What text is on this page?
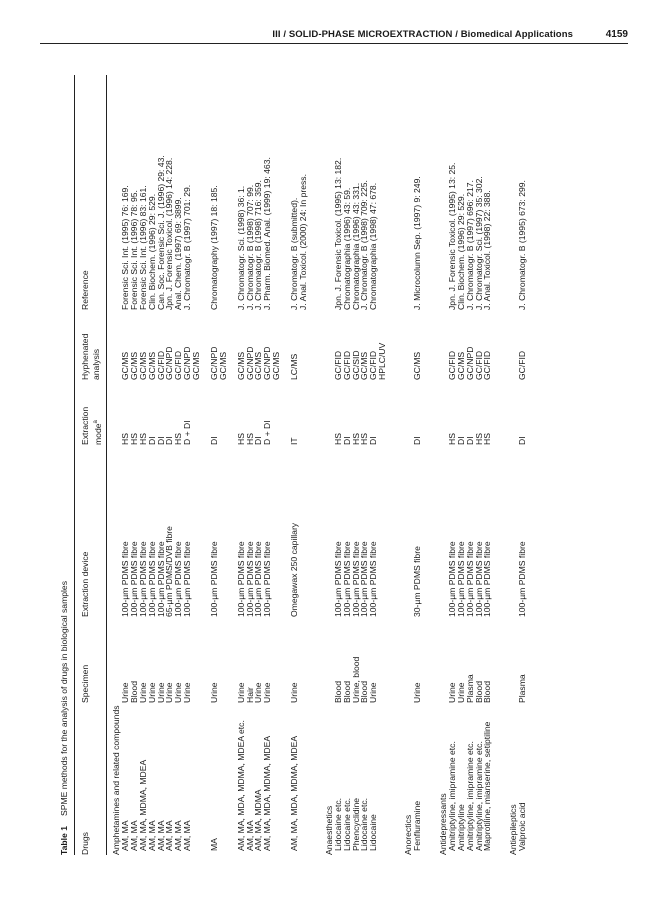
III / SOLID-PHASE MICROEXTRACTION / Biomedical Applications	4159
Table 1SPME methods for the analysis of drugs in biological samples
Drugs
Specimen
Extraction device
Extraction mode$^a$
Hyphenated
analysis
Reference
Amphetamines and related compounds
AM, MA
Urine
100-µm PDMS fibre
HS
GC/MS
Forensic Sci. Int. (1995) 76: 169.
AM, MA
Blood
100-µm PDMS fibre
HS
GC/MS
Forensic Sci. Int. (1996) 78: 95.
AM, MA, MDMA, MDEA
Urine
100-µm PDMS fibre
HS
GC/MS
Forensic Sci. Int. (1996) 83: 161.
AM, MA
Urine
100-µm PDMS fibre
DI
GC/MS
Clin. Biochem. (1996) 29: 529.
AM, MA
Urine
100-µm PDMS fibre
DI
GC/FID
Can. Soc. Forensic Sci. J. (1996) 29: 43.
AM, MA
Urine
65-µm PDMS/DVB fibre
DI
GC/NPD
Jpn. J. Forensic Toxicol. (1996) 14: 228.
AM, MA
Urine
100-µm PDMS fibre
HS
GC/FID
Anal. Chem. (1997) 69: 3899.
AM, MA
Urine
100-µm PDMS fibre
D + DI
GC/NPD
J. Chromatogr. B (1997) 701: 29.
GC/MS
MA
Urine
100-µm PDMS fibre
DI
GC/NPD
Chromatography (1997) 18: 185.
GC/MS
AM, MA, MDA, MDMA, MDEA etc.
Urine
100-µm PDMS fibre
HS
GC/MS
J. Chromatogr. Sci. (1998) 36: 1.
AM, MA
Hair
100-µm PDMS fibre
HS
GC/NPD
J. Chromatogr. B (1998) 707: 99.
AM, MA, MDMA
Urine
100-µm PDMS fibre
DI
GC/MS
J. Chromatogr. B (1998) 716: 359.
AM, MA, MDA, MDMA, MDEA
Urine
100-µm PDMS fibre
D + DI
GC/NPD
J. Pharm. Biomed. Anal. (1999) 19: 463.
GC/MS
AM, MA, MDA, MDMA, MDEA
Urine
Omegawax 250 capillary
IT
LC/MS
J. Chromatogr. B (submitted).
J. Anal. Toxicol. (2000) 24: In press.
Anaesthetics
Lidocaine etc.
Blood
100-µm PDMS fibre
HS
GC/FID
Jpn. J. Forensic Toxicol. (1995) 13: 182.
Lidocaine etc.
Blood
100-µm PDMS fibre
DI
GC/FID
Chromatographia (1996) 43: 59.
Phencyclidine
Urine, blood
100-µm PDMS fibre
HS
GC/SID
Chromatographia (1996) 43: 331.
Lidocaine etc.
Blood
100-µm PDMS fibre
HS
GC/MS
J. Chromatogr. B (1998) 709: 225.
Lidocaine
Urine
100-µm PDMS fibre
DI
GC/FID
Chromatographia (1998) 47: 678.
HPLC/UV
Anorectics
Fenfluramine
Urine
30-µm PDMS fibre
DI
GC/MS
J. Microcolumn Sep. (1997) 9: 249.
Antidepressants
Amitriptyline, imipramine etc.
Urine
100-µm PDMS fibre
HS
GC/FID
Jpn. J. Forensic Toxicol. (1995) 13: 25.
Amitriptyline
Urine
100-µm PDMS fibre
DI
GC/MS
Clin. Biochem. (1996) 29: 529.
Amitriptyline, imipramine etc.
Plasma
100-µm PDMS fibre
DI
GC/NPD
J. Chromatogr. B (1997) 696: 217.
Amitriptyline, imipramine etc.
Blood
100-µm PDMS fibre
HS
GC/FID
J. Chromatogr. Sci. (1997) 35: 302.
Maprotiline, mianserine, setiptiline
Blood
100-µm PDMS fibre
HS
GC/FID
J. Anal. Toxicol. (1998) 22: 388.
Antiepileptics
Valproic acid
Plasma
100-µm PDMS fibre
DI
GC/FID
J. Chromatogr. B (1995) 673: 299.
